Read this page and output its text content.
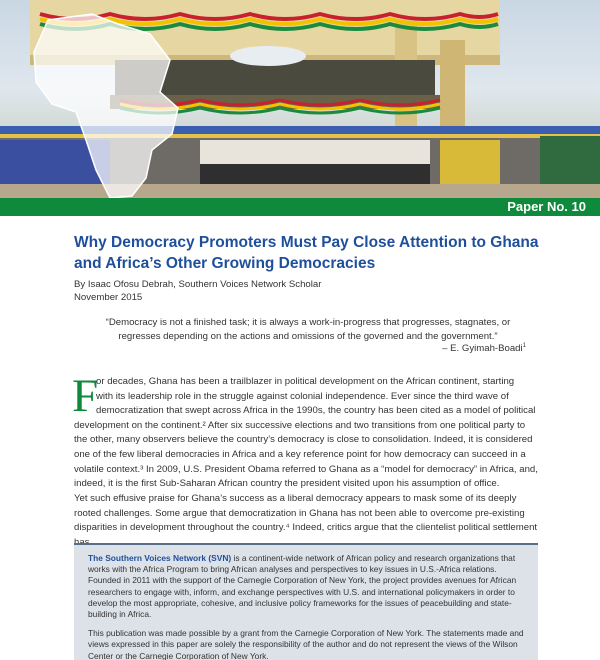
Paper No. 10
Why Democracy Promoters Must Pay Close Attention to Ghana and Africa’s Other Growing Democracies
By Isaac Ofosu Debrah, Southern Voices Network Scholar
November 2015
“Democracy is not a finished task; it is always a work-in-progress that progresses, stagnates, or regresses depending on the actions and omissions of the governed and the government.”
– E. Gyimah-Boadi$^1$
F
or decades, Ghana has been a trailblazer in political development on the African continent, starting
with its leadership role in the struggle against colonial independence. Ever since the third wave of
democratization that swept across Africa in the 1990s, the country has been cited as a model of political
development on the continent.² After six successive elections and two transitions from one political party to the other, many observers believe the country’s democracy is close to consolidation. Indeed, it is considered one of the few liberal democracies in Africa and a key reference point for how democracy can succeed in a volatile context.³ In 2009, U.S. President Obama referred to Ghana as a “model for democracy” in Africa, and, indeed, it is the first Sub-Saharan African country the president visited upon his assumption of office.
Yet such effusive praise for Ghana’s success as a liberal democracy appears to mask some of its deeply rooted challenges. Some argue that democratization in Ghana has not been able to overcome pre-existing disparities in development throughout the country.⁴ Indeed, critics argue that the clientelist political settlement

The Southern Voices Network (SVN) is a continent-wide network of African policy and research organizations that works with the Africa Program to bring African analyses and perspectives to key issues in U.S.-Africa relations. Founded in 2011 with the support of the Carnegie Corporation of New York, the project provides avenues for African researchers to engage with, inform, and exchange perspectives with U.S. and international policymakers in order to develop the most appropriate, cohesive, and inclusive policy frameworks for the issues of peacebuilding and state-building in Africa.

This publication was made possible by a grant from the Carnegie Corporation of New York. The statements made and views expressed in this paper are solely the responsibility of the author and do not represent the views of the Wilson Center or the Carnegie Corporation of New York.
